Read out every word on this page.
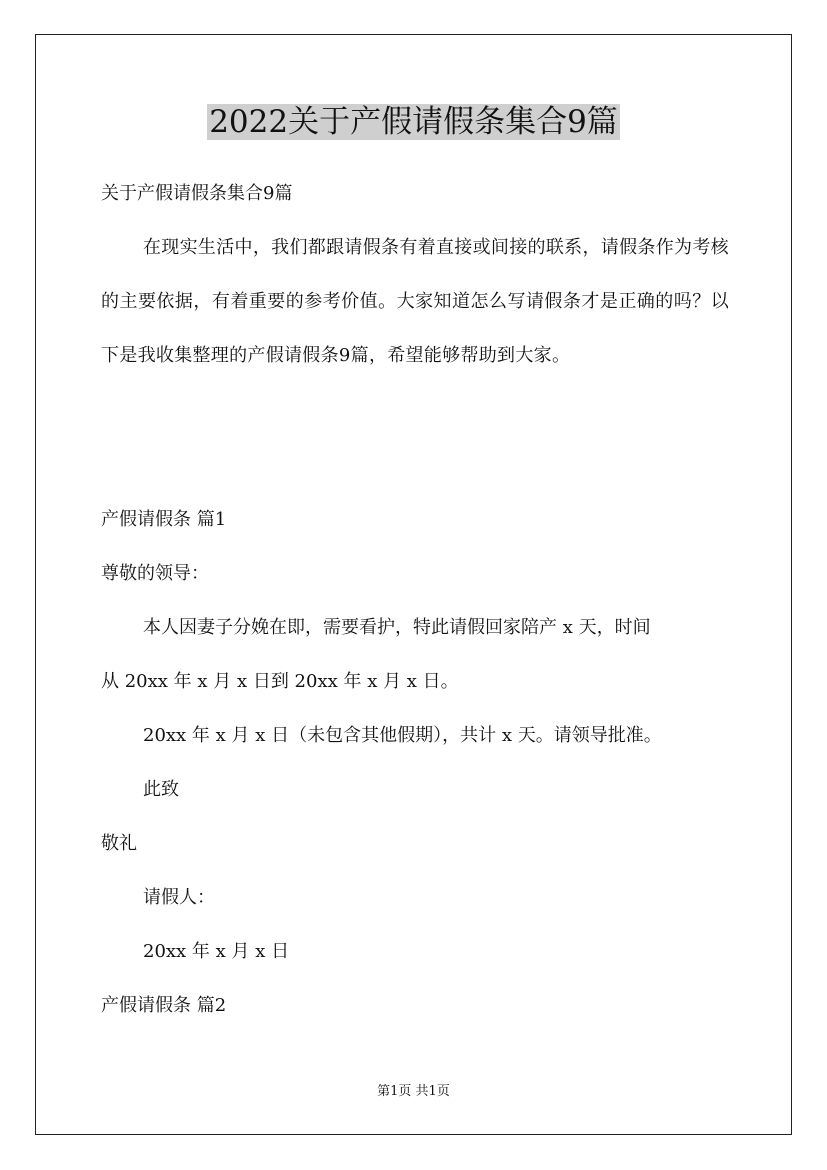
2022关于产假请假条集合9篇

关于产假请假条集合9篇

在现实生活中，我们都跟请假条有着直接或间接的联系，请假条作为考核的主要依据，有着重要的参考价值。大家知道怎么写请假条才是正确的吗？以下是我收集整理的产假请假条9篇，希望能够帮助到大家。

产假请假条 篇1

尊敬的领导：

本人因妻子分娩在即，需要看护，特此请假回家陪产 x 天，时间

从 20xx 年 x 月 x 日到 20xx 年 x 月 x 日。

20xx 年 x 月 x 日（未包含其他假期），共计 x 天。请领导批准。

此致

敬礼

请假人：

20xx 年 x 月 x 日

产假请假条 篇2

第1页 共1页
